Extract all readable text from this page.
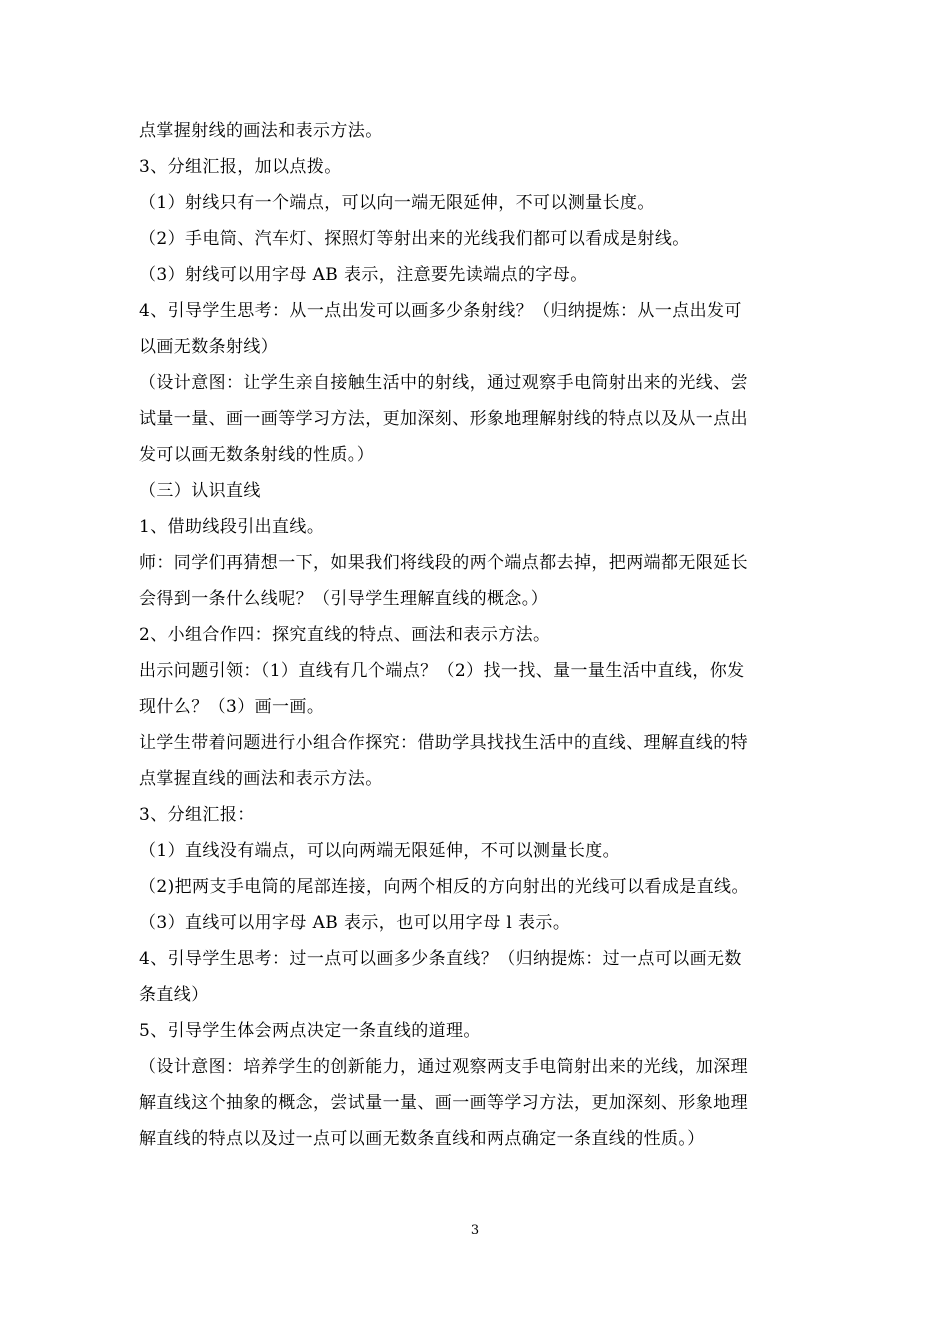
点掌握射线的画法和表示方法。

3、分组汇报，加以点拨。

（1）射线只有一个端点，可以向一端无限延伸，不可以测量长度。

（2）手电筒、汽车灯、探照灯等射出来的光线我们都可以看成是射线。

（3）射线可以用字母 AB 表示，注意要先读端点的字母。

4、引导学生思考：从一点出发可以画多少条射线？（归纳提炼：从一点出发可

以画无数条射线）

（设计意图：让学生亲自接触生活中的射线，通过观察手电筒射出来的光线、尝

试量一量、画一画等学习方法，更加深刻、形象地理解射线的特点以及从一点出

发可以画无数条射线的性质。）

（三）认识直线

1、借助线段引出直线。

师：同学们再猜想一下，如果我们将线段的两个端点都去掉，把两端都无限延长

会得到一条什么线呢？（引导学生理解直线的概念。）

2、小组合作四：探究直线的特点、画法和表示方法。

出示问题引领：（1）直线有几个端点？（2）找一找、量一量生活中直线，你发

现什么？（3）画一画。

让学生带着问题进行小组合作探究：借助学具找找生活中的直线、理解直线的特

点掌握直线的画法和表示方法。

3、分组汇报：

（1）直线没有端点，可以向两端无限延伸，不可以测量长度。

（2)把两支手电筒的尾部连接，向两个相反的方向射出的光线可以看成是直线。

（3）直线可以用字母 AB 表示，也可以用字母 l 表示。

4、引导学生思考：过一点可以画多少条直线？（归纳提炼：过一点可以画无数

条直线）

5、引导学生体会两点决定一条直线的道理。

（设计意图：培养学生的创新能力，通过观察两支手电筒射出来的光线，加深理

解直线这个抽象的概念，尝试量一量、画一画等学习方法，更加深刻、形象地理

解直线的特点以及过一点可以画无数条直线和两点确定一条直线的性质。）

3
